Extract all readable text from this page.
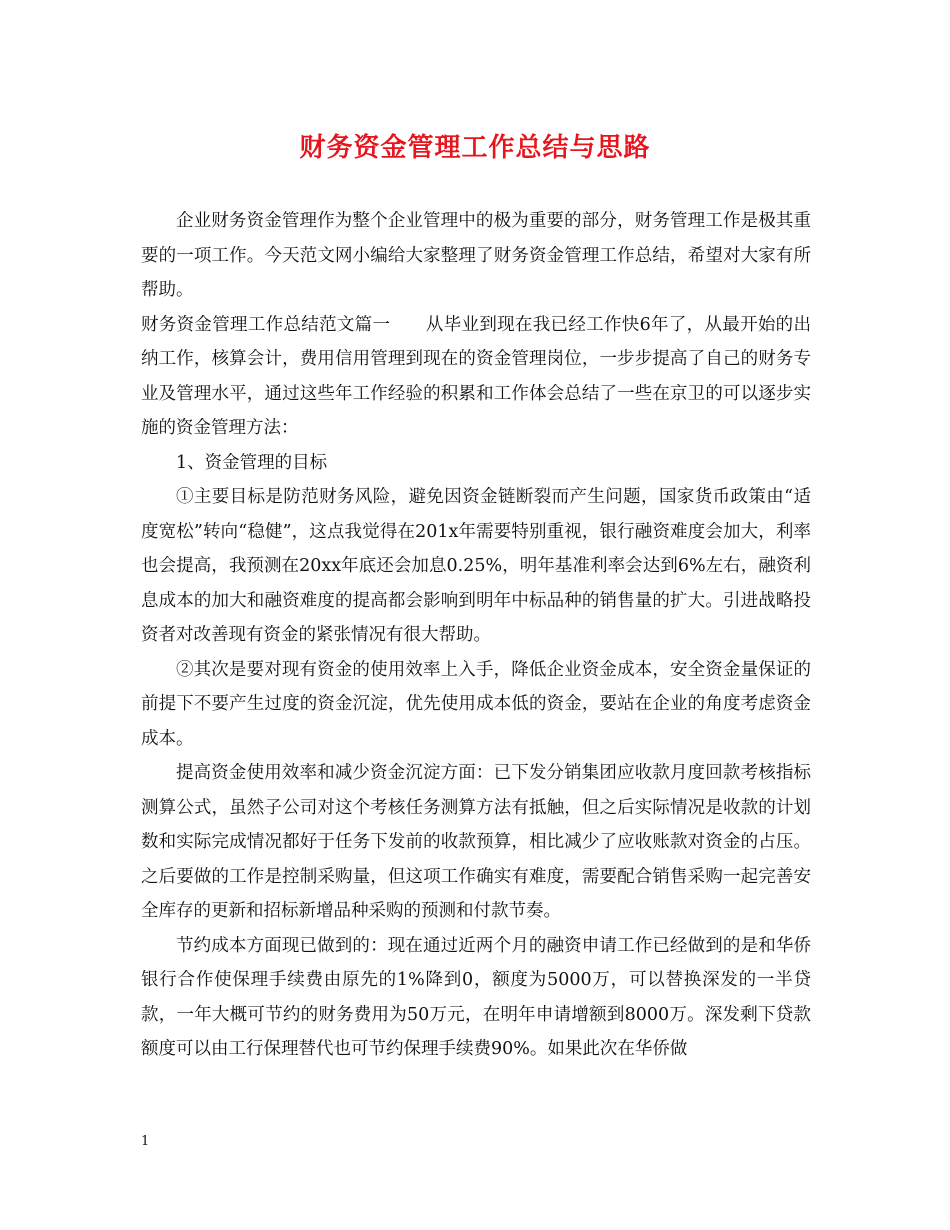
财务资金管理工作总结与思路

企业财务资金管理作为整个企业管理中的极为重要的部分，财务管理工作是极其重要的一项工作。今天范文网小编给大家整理了财务资金管理工作总结，希望对大家有所帮助。

财务资金管理工作总结范文篇一　　从毕业到现在我已经工作快6年了，从最开始的出纳工作，核算会计，费用信用管理到现在的资金管理岗位，一步步提高了自己的财务专业及管理水平，通过这些年工作经验的积累和工作体会总结了一些在京卫的可以逐步实施的资金管理方法：

1、资金管理的目标

①主要目标是防范财务风险，避免因资金链断裂而产生问题，国家货币政策由“适度宽松”转向“稳健”，这点我觉得在201x年需要特别重视，银行融资难度会加大，利率也会提高，我预测在20xx年底还会加息0.25%，明年基准利率会达到6%左右，融资利息成本的加大和融资难度的提高都会影响到明年中标品种的销售量的扩大。引进战略投资者对改善现有资金的紧张情况有很大帮助。

②其次是要对现有资金的使用效率上入手，降低企业资金成本，安全资金量保证的前提下不要产生过度的资金沉淀，优先使用成本低的资金，要站在企业的角度考虑资金成本。

提高资金使用效率和减少资金沉淀方面：已下发分销集团应收款月度回款考核指标测算公式，虽然子公司对这个考核任务测算方法有抵触，但之后实际情况是收款的计划数和实际完成情况都好于任务下发前的收款预算，相比减少了应收账款对资金的占压。之后要做的工作是控制采购量，但这项工作确实有难度，需要配合销售采购一起完善安全库存的更新和招标新增品种采购的预测和付款节奏。

节约成本方面现已做到的：现在通过近两个月的融资申请工作已经做到的是和华侨银行合作使保理手续费由原先的1%降到0，额度为5000万，可以替换深发的一半贷款，一年大概可节约的财务费用为50万元，在明年申请增额到8000万。深发剩下贷款额度可以由工行保理替代也可节约保理手续费90%。如果此次在华侨做

1
